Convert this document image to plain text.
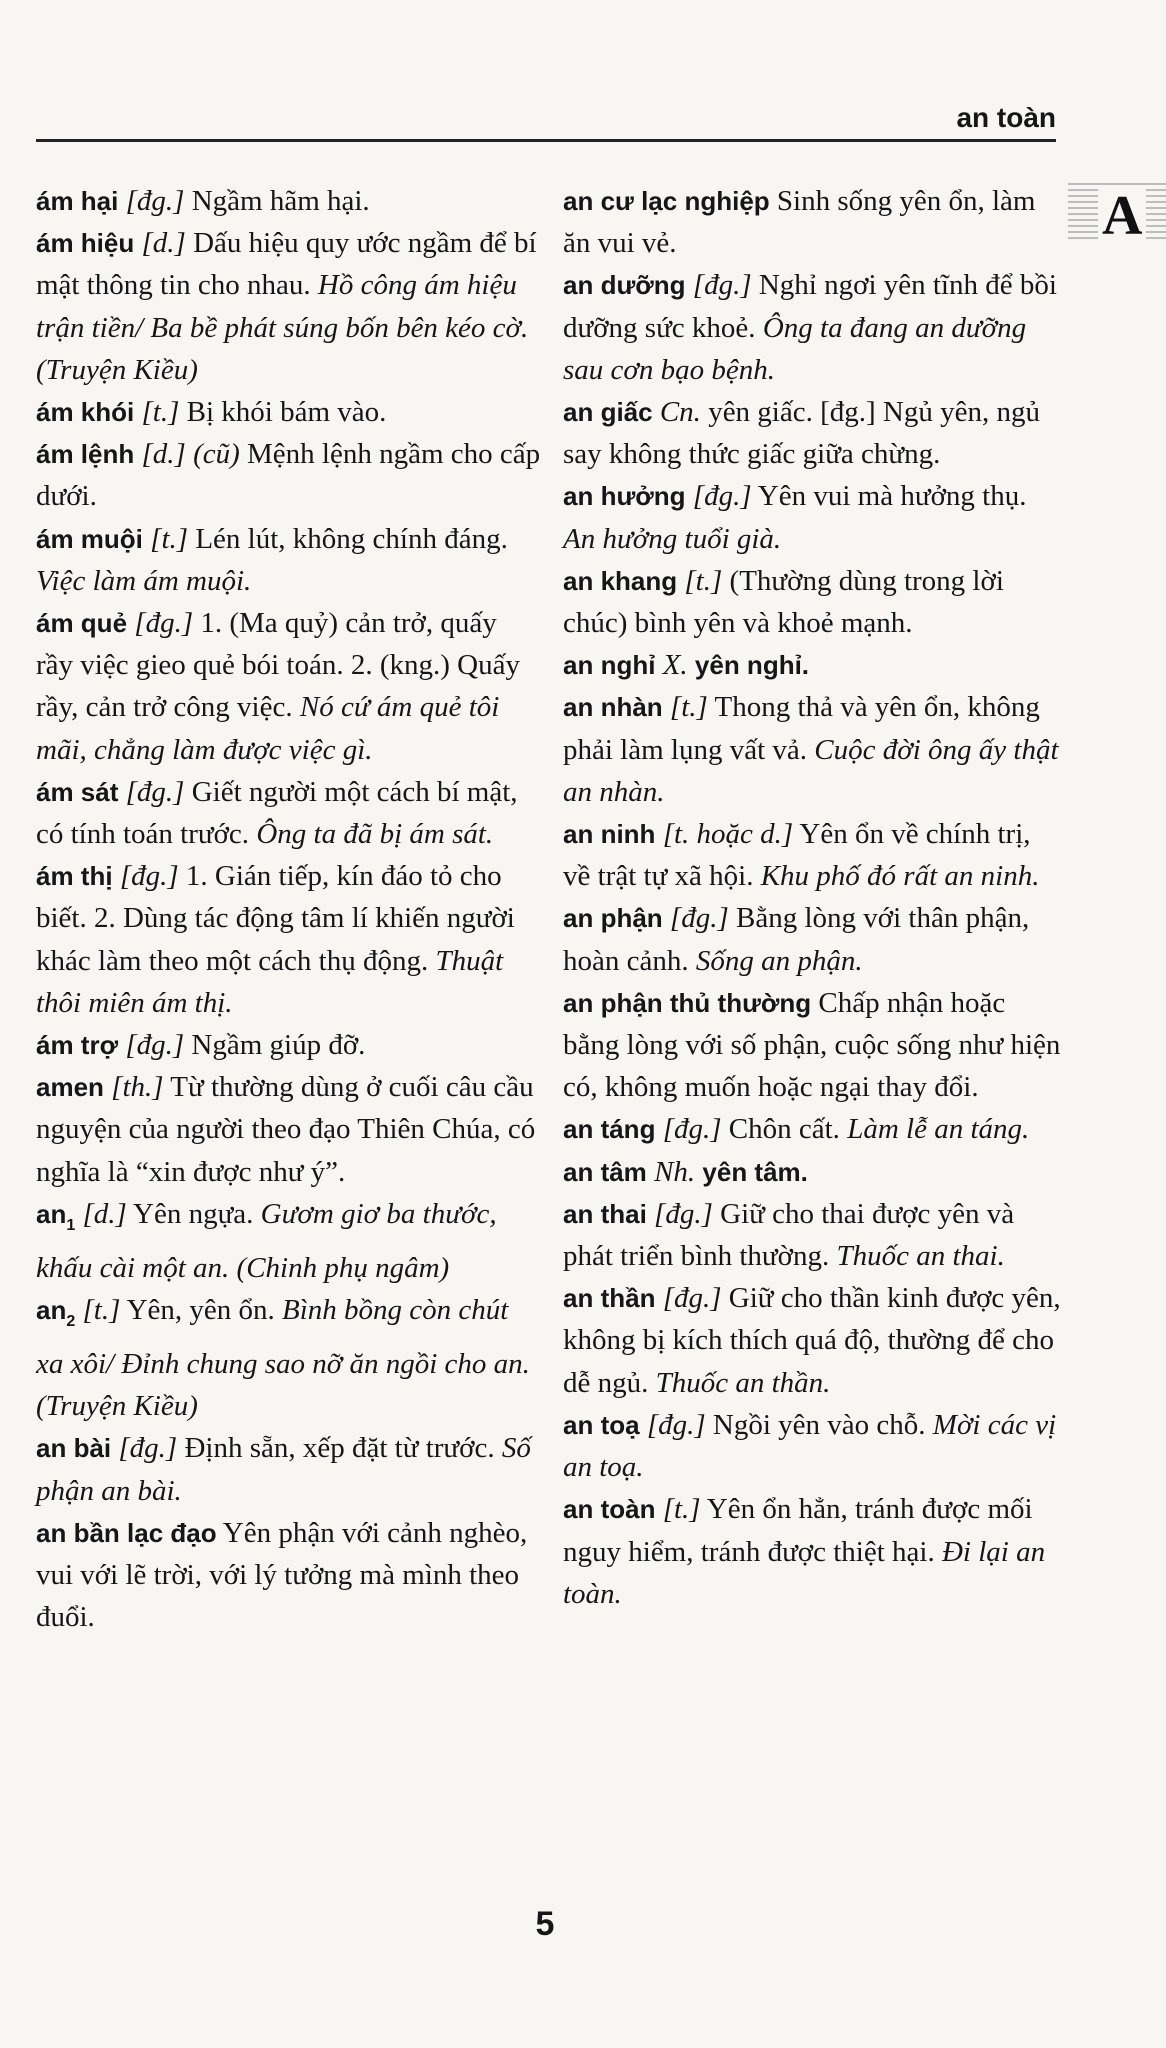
an toàn
A

ám hại [đg.] Ngầm hãm hại.

ám hiệu [d.] Dấu hiệu quy ước ngầm để bí mật thông tin cho nhau. Hồ công ám hiệu trận tiền/ Ba bề phát súng bốn bên kéo cờ. (Truyện Kiều)

ám khói [t.] Bị khói bám vào.

ám lệnh [d.] (cũ) Mệnh lệnh ngầm cho cấp dưới.

ám muội [t.] Lén lút, không chính đáng. Việc làm ám muội.

ám quẻ [đg.] 1. (Ma quỷ) cản trở, quấy rầy việc gieo quẻ bói toán. 2. (kng.) Quấy rầy, cản trở công việc. Nó cứ ám quẻ tôi mãi, chẳng làm được việc gì.

ám sát [đg.] Giết người một cách bí mật, có tính toán trước. Ông ta đã bị ám sát.

ám thị [đg.] 1. Gián tiếp, kín đáo tỏ cho biết. 2. Dùng tác động tâm lí khiến người khác làm theo một cách thụ động. Thuật thôi miên ám thị.

ám trợ [đg.] Ngầm giúp đỡ.

amen [th.] Từ thường dùng ở cuối câu cầu nguyện của người theo đạo Thiên Chúa, có nghĩa là “xin được như ý”.

$an_1$ [d.] Yên ngựa. Gươm giơ ba thước, khấu cài một an. (Chinh phụ ngâm)

$an_2$ [t.] Yên, yên ổn. Bình bồng còn chút xa xôi/ Đỉnh chung sao nỡ ăn ngồi cho an. (Truyện Kiều)

an bài [đg.] Định sẵn, xếp đặt từ trước. Số phận an bài.

an bần lạc đạo Yên phận với cảnh nghèo, vui với lẽ trời, với lý tưởng mà mình theo đuổi.

an cư lạc nghiệp Sinh sống yên ổn, làm ăn vui vẻ.

an dưỡng [đg.] Nghỉ ngơi yên tĩnh để bồi dưỡng sức khoẻ. Ông ta đang an dưỡng sau cơn bạo bệnh.

an giấc Cn. yên giấc. [đg.] Ngủ yên, ngủ say không thức giấc giữa chừng.

an hưởng [đg.] Yên vui mà hưởng thụ. An hưởng tuổi già.

an khang [t.] (Thường dùng trong lời chúc) bình yên và khoẻ mạnh.

an nghỉ X. yên nghỉ.

an nhàn [t.] Thong thả và yên ổn, không phải làm lụng vất vả. Cuộc đời ông ấy thật an nhàn.

an ninh [t. hoặc d.] Yên ổn về chính trị, về trật tự xã hội. Khu phố đó rất an ninh.

an phận [đg.] Bằng lòng với thân phận, hoàn cảnh. Sống an phận.

an phận thủ thường Chấp nhận hoặc bằng lòng với số phận, cuộc sống như hiện có, không muốn hoặc ngại thay đổi.

an táng [đg.] Chôn cất. Làm lễ an táng.

an tâm Nh. yên tâm.

an thai [đg.] Giữ cho thai được yên và phát triển bình thường. Thuốc an thai.

an thần [đg.] Giữ cho thần kinh được yên, không bị kích thích quá độ, thường để cho dễ ngủ. Thuốc an thần.

an toạ [đg.] Ngồi yên vào chỗ. Mời các vị an toạ.

an toàn [t.] Yên ổn hẳn, tránh được mối nguy hiểm, tránh được thiệt hại. Đi lại an toàn.

5
